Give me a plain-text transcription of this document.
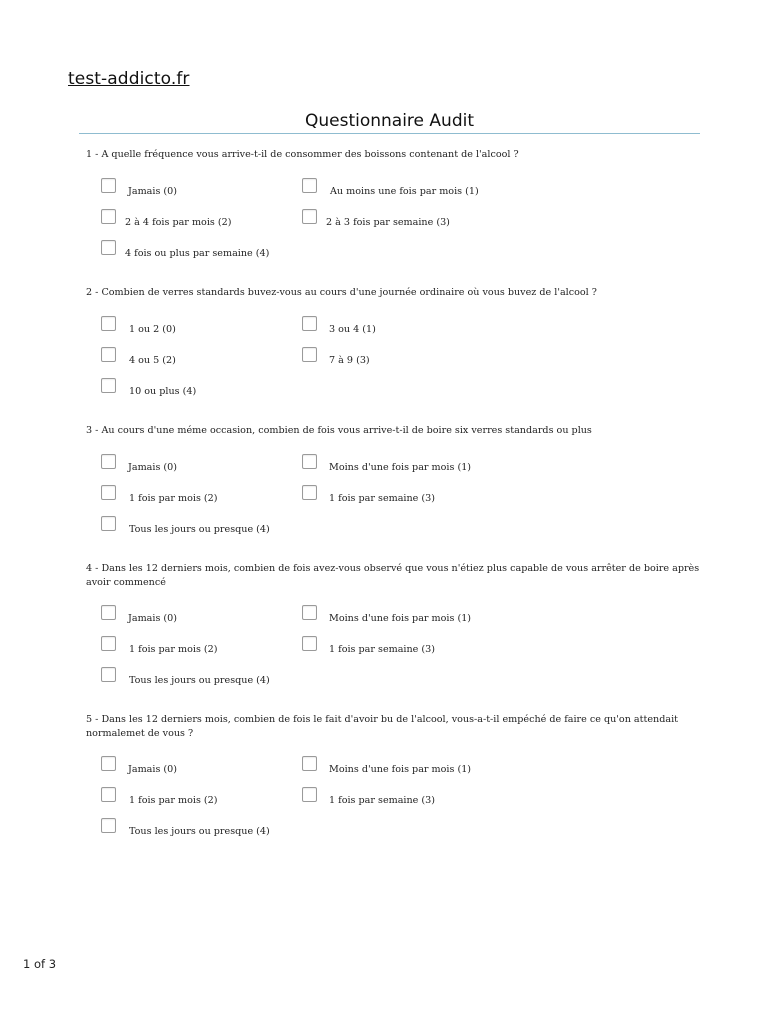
test-addicto.fr
Questionnaire Audit

1 - A quelle fréquence vous arrive-t-il de consommer des boissons contenant de l'alcool ?

Jamais (0)	Au moins une fois par mois (1)
2 à 4 fois par mois (2)	2 à 3 fois par semaine (3)
4 fois ou plus par semaine (4)

2 - Combien de verres standards buvez-vous au cours d'une journée ordinaire où vous buvez de l'alcool ?

1 ou 2 (0)	3 ou 4 (1)
4 ou 5 (2)	7 à 9 (3)
10 ou plus (4)

3 - Au cours d'une méme occasion, combien de fois vous arrive-t-il de boire six verres standards ou plus

Jamais (0)	Moins d'une fois par mois (1)
1 fois par mois (2)	1 fois par semaine (3)
Tous les jours ou presque (4)

4 - Dans les 12 derniers mois, combien de fois avez-vous observé que vous n'étiez plus capable de vous arrêter de boire après avoir commencé

Jamais (0)	Moins d'une fois par mois (1)
1 fois par mois (2)	1 fois par semaine (3)
Tous les jours ou presque (4)

5 - Dans les 12 derniers mois, combien de fois le fait d'avoir bu de l'alcool, vous-a-t-il empéché de faire ce qu'on attendait normalemet de vous ?

Jamais (0)	Moins d'une fois par mois (1)
1 fois par mois (2)	1 fois par semaine (3)
Tous les jours ou presque (4)
1 of 3
